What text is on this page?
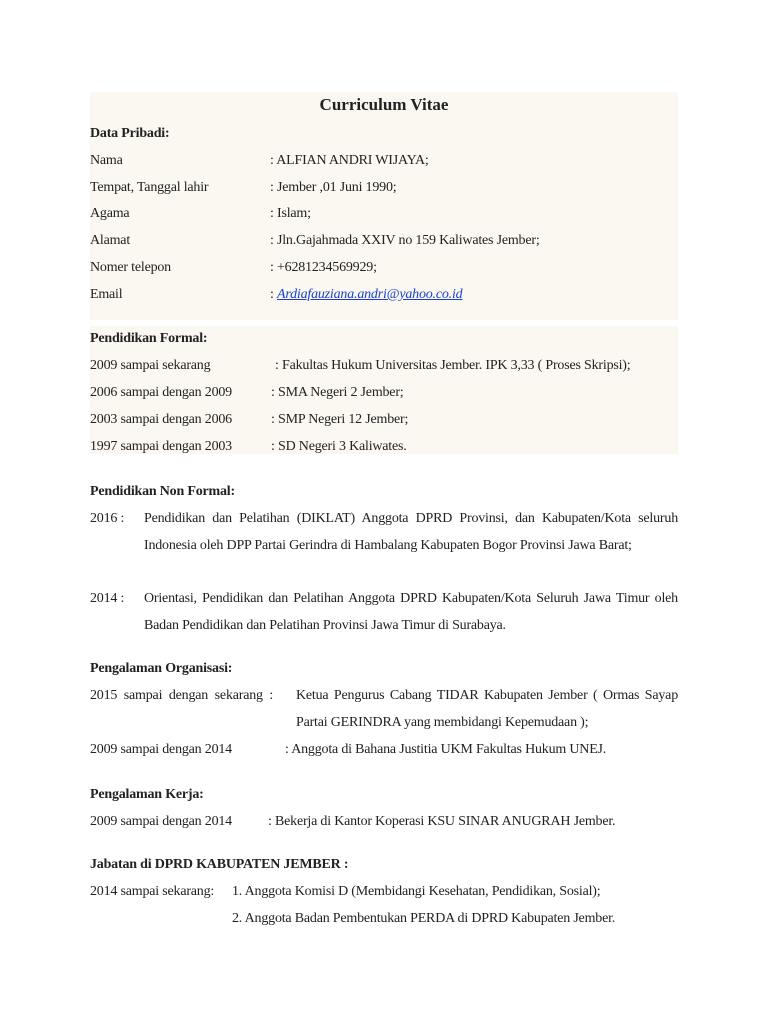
Curriculum Vitae
Data Pribadi:
Nama	: ALFIAN ANDRI WIJAYA;
Tempat, Tanggal lahir	: Jember ,01 Juni 1990;
Agama	: Islam;
Alamat	: Jln.Gajahmada XXIV no 159 Kaliwates Jember;
Nomer telepon	: +6281234569929;
Email	: Ardiafauziana.andri@yahoo.co.id
Pendidikan Formal:
2009 sampai sekarang	: Fakultas Hukum Universitas Jember. IPK 3,33 ( Proses Skripsi);
2006 sampai dengan 2009	: SMA Negeri 2 Jember;
2003 sampai dengan 2006	: SMP Negeri 12 Jember;
1997 sampai dengan 2003	: SD Negeri 3 Kaliwates.
Pendidikan Non Formal:
2016 : Pendidikan dan Pelatihan (DIKLAT) Anggota DPRD Provinsi, dan Kabupaten/Kota seluruh Indonesia oleh DPP Partai Gerindra di Hambalang Kabupaten Bogor Provinsi Jawa Barat;
2014 : Orientasi, Pendidikan dan Pelatihan Anggota DPRD Kabupaten/Kota Seluruh Jawa Timur oleh Badan Pendidikan dan Pelatihan Provinsi Jawa Timur di Surabaya.
Pengalaman Organisasi:
2015  sampai  dengan  sekarang  : Ketua Pengurus Cabang TIDAR Kabupaten Jember ( Ormas Sayap Partai GERINDRA yang membidangi Kepemudaan );
2009 sampai dengan 2014	: Anggota di Bahana Justitia UKM Fakultas Hukum UNEJ.
Pengalaman Kerja:
2009 sampai dengan 2014	: Bekerja di Kantor Koperasi KSU SINAR ANUGRAH Jember.
Jabatan di DPRD KABUPATEN JEMBER :
2014 sampai sekarang: 1. Anggota Komisi D (Membidangi Kesehatan, Pendidikan, Sosial);
2. Anggota Badan Pembentukan PERDA di DPRD Kabupaten Jember.
